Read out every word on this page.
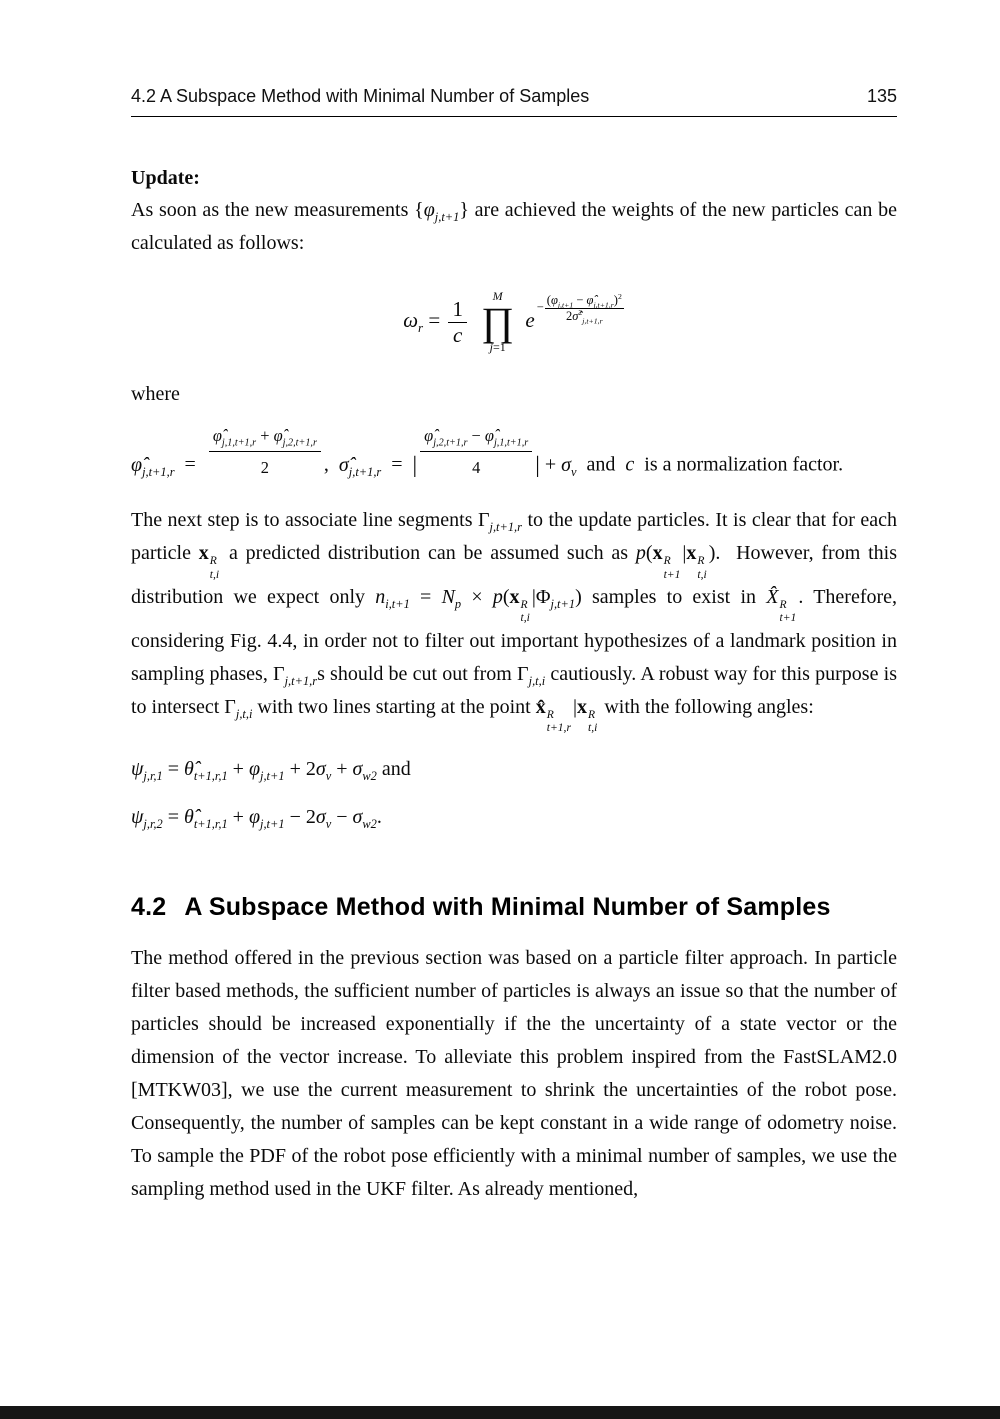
4.2 A Subspace Method with Minimal Number of Samples	135

Update:

As soon as the new measurements $\{\varphi_{j,t+1}\}$ are achieved the weights of the new particles can be calculated as follows:

$\omega_r = \frac{1}{c}$

M
∏
j=1
$e- \frac{(\varphi_{j,t+1} - \varphî_{j,t+1,r})^2}{2\sigmâ^2_{j,t+1,r}}$

where

$\varphî_{j,t+1,r} = \frac{\varphî_{j,1,t+1,r} + \varphî_{j,2,t+1,r}}{2}$ ,  $\sigmâ_{j,t+1,r}$  =  | $\frac{\varphî_{j,2,t+1,r} - \varphî_{j,1,t+1,r}}{4}$ | + $\sigma_v$  and  c  is a normalization factor.

The next step is to associate line segments $\Gamma_{j,t+1,r}$ to the update particles. It is clear that for each particle x R
t,i
a predicted distribution can be assumed such as p(x R
t+1
|x R
t,i
).  However, from this distribution we expect only $n_{i,t+1} = N_p \times p(x$ R
t,i
$|\Phi_{j,t+1}$) samples to exist in X̂ R
t+1
. Therefore, considering Fig. 4.4, in order not to filter out important hypothesizes of a landmark position in sampling phases, $\Gamma_{j,t+1,r}s$ should be cut out from $\Gamma_{j,t,i}$ cautiously. A robust way for this purpose is to intersect $\Gamma_{j,t,i}$ with two lines starting at the point x̂ R
t+1,r
|x R
t,i
with the following angles:

$\psi_{j,r,1}$ = $\thetâ_{t+1,r,1} + \varphi_{j,t+1} + 2\sigma_v + \sigma_{w2}$ and
$\psi_{j,r,2}$ = $\thetâ_{t+1,r,1} + \varphi_{j,t+1} - 2\sigma_v - \sigma_{w2}$.
4.2 A Subspace Method with Minimal Number of Samples

The method offered in the previous section was based on a particle filter approach. In particle filter based methods, the sufficient number of particles is always an issue so that the number of particles should be increased exponentially if the the uncertainty of a state vector or the dimension of the vector increase. To alleviate this problem inspired from the FastSLAM2.0 [MTKW03], we use the current measurement to shrink the uncertainties of the robot pose. Consequently, the number of samples can be kept constant in a wide range of odometry noise. To sample the PDF of the robot pose efficiently with a minimal number of samples, we use the sampling method used in the UKF filter. As already mentioned,
